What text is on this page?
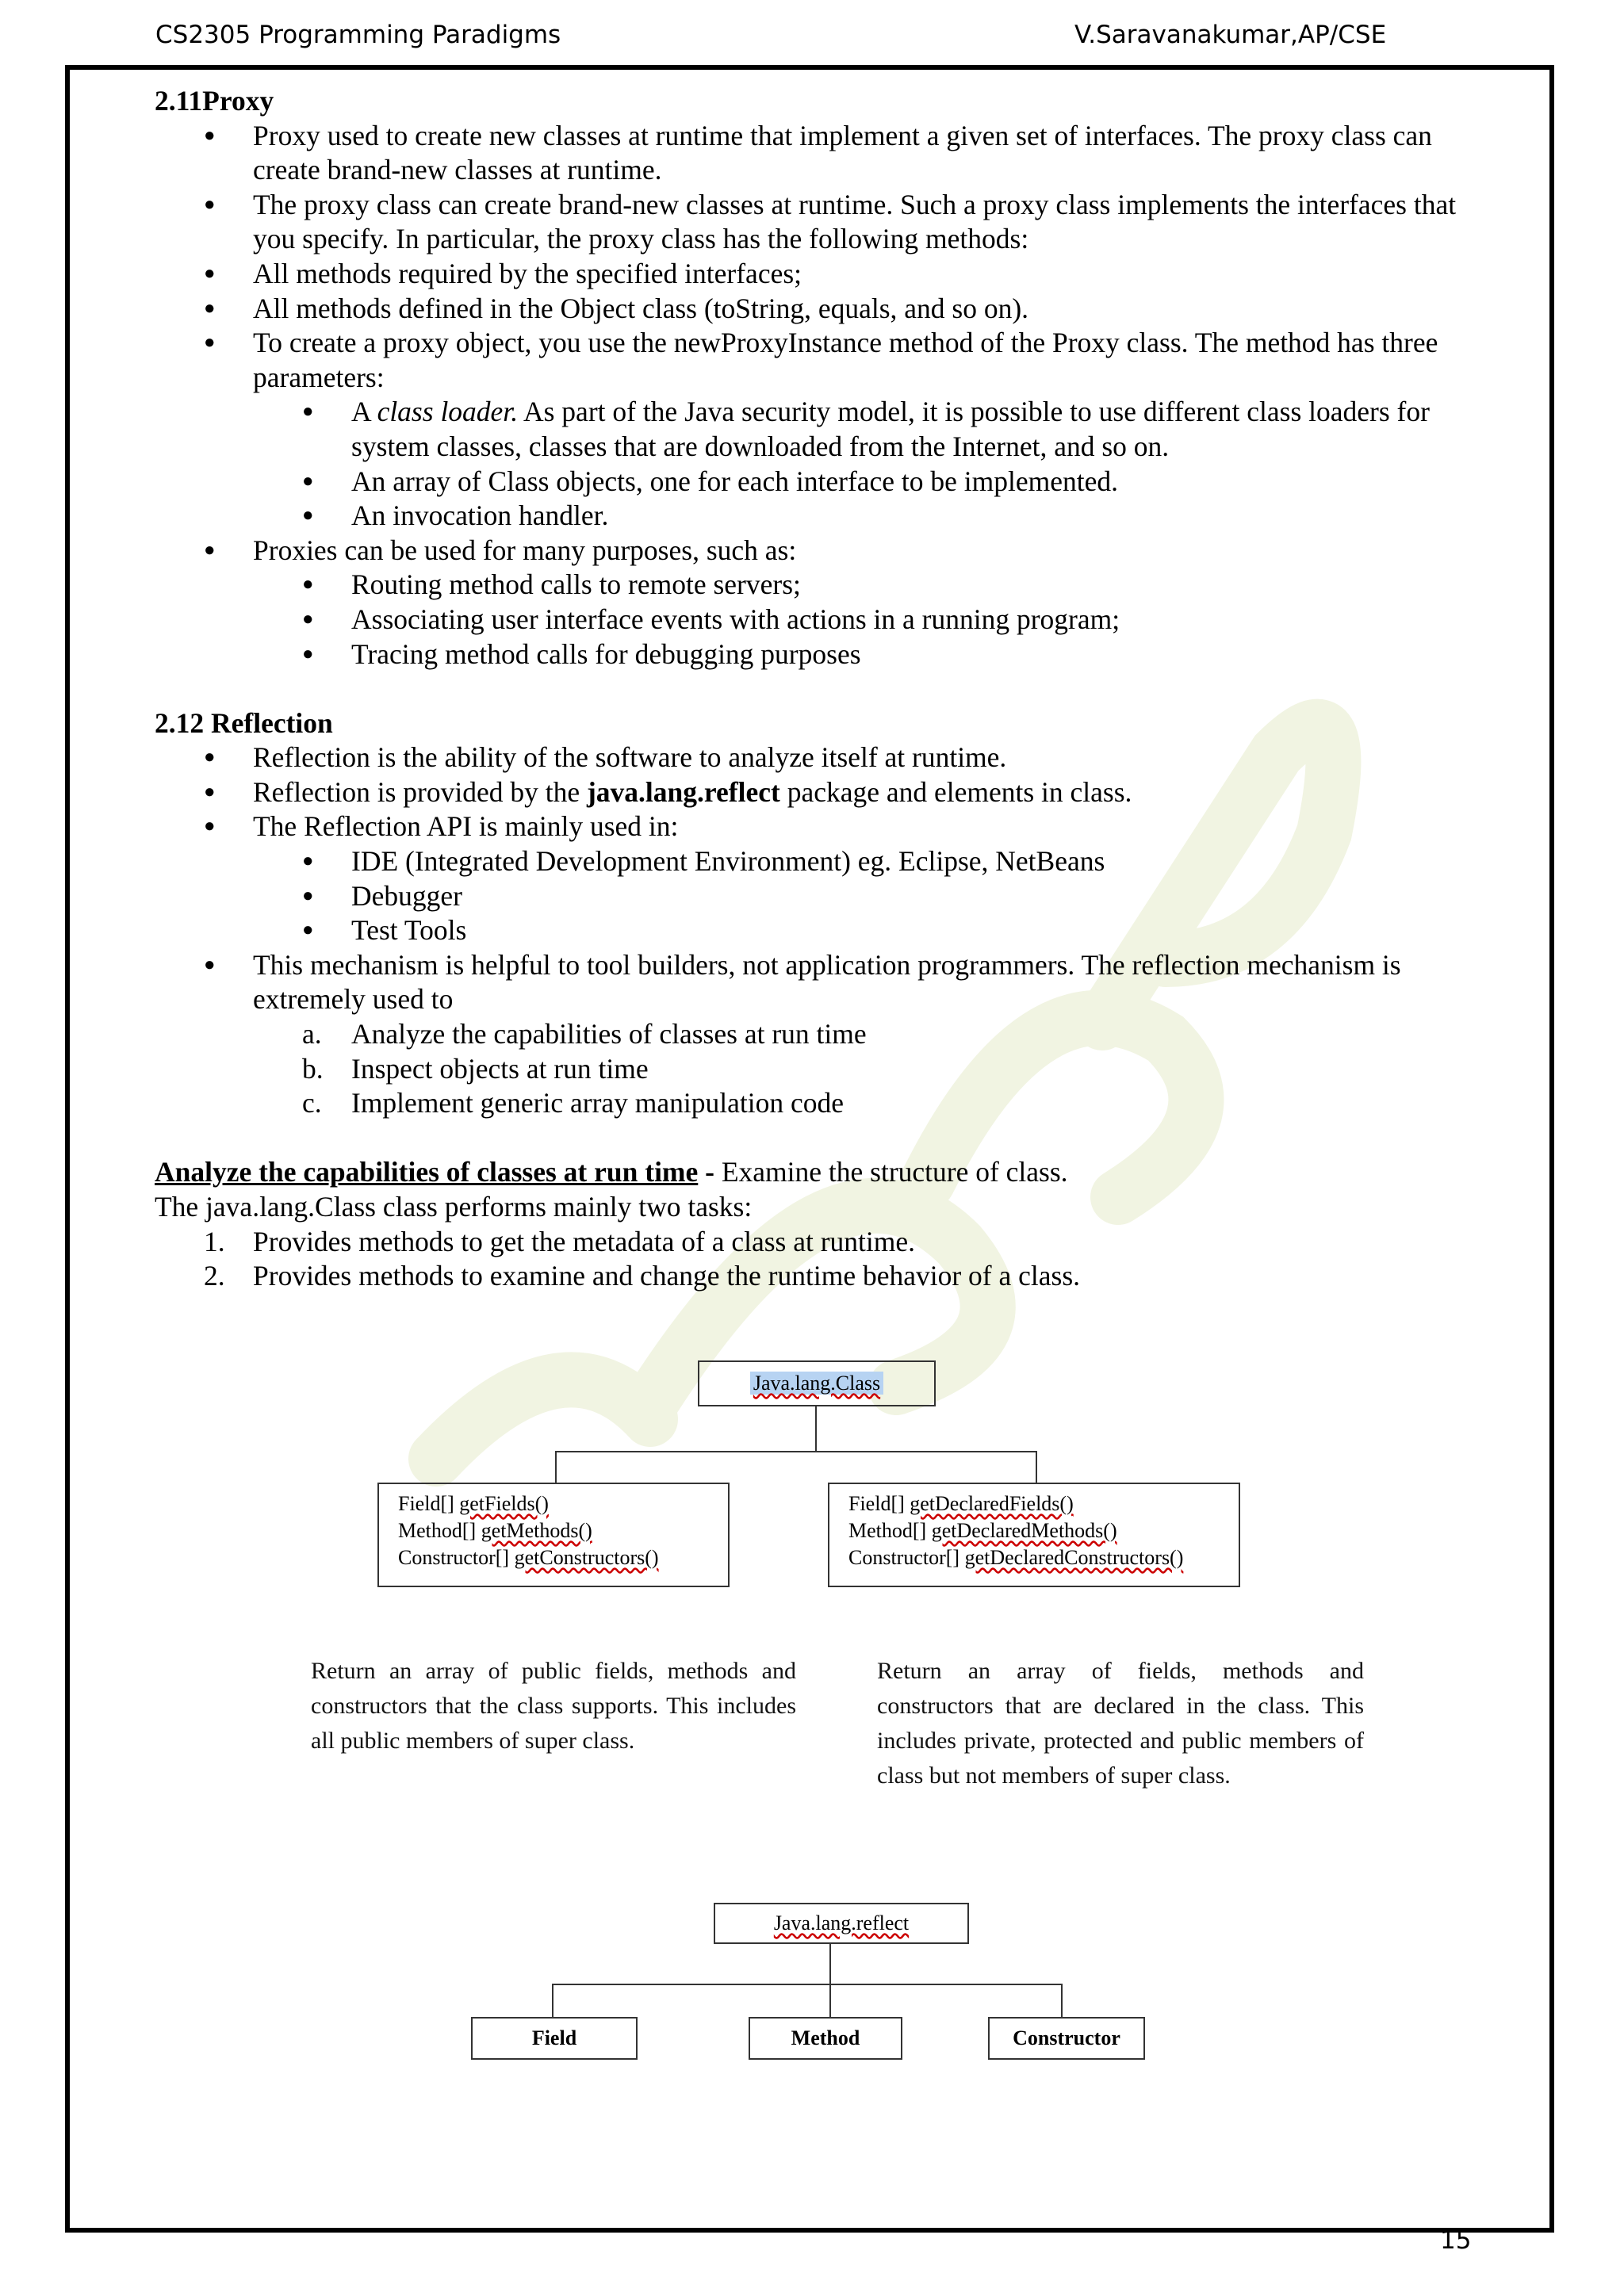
CS2305 Programming Paradigms	V.Saravanakumar,AP/CSE

2.11Proxy

● Proxy used to create new classes at runtime that implement a given set of interfaces. The proxy class can create brand-new classes at runtime.
● The proxy class can create brand-new classes at runtime. Such a proxy class implements the interfaces that you specify. In particular, the proxy class has the following methods:
● All methods required by the specified interfaces;
● All methods defined in the Object class (toString, equals, and so on).
● To create a proxy object, you use the newProxyInstance method of the Proxy class. The method has three parameters:
● A class loader. As part of the Java security model, it is possible to use different class loaders for system classes, classes that are downloaded from the Internet, and so on.
● An array of Class objects, one for each interface to be implemented.
● An invocation handler.
● Proxies can be used for many purposes, such as:
● Routing method calls to remote servers;
● Associating user interface events with actions in a running program;
● Tracing method calls for debugging purposes

2.12 Reflection

● Reflection is the ability of the software to analyze itself at runtime.
● Reflection is provided by the java.lang.reflect package and elements in class.
● The Reflection API is mainly used in:
● IDE (Integrated Development Environment) eg. Eclipse, NetBeans
● Debugger
● Test Tools
● This mechanism is helpful to tool builders, not application programmers. The reflection mechanism is extremely used to
a. Analyze the capabilities of classes at run time
b. Inspect objects at run time
c. Implement generic array manipulation code

Analyze the capabilities of classes at run time - Examine the structure of class.

The java.lang.Class class performs mainly two tasks:

1. Provides methods to get the metadata of a class at runtime.
2. Provides methods to examine and change the runtime behavior of a class.
Java.lang.Class
Field[] getFields()
Method[] getMethods()
Constructor[] getConstructors()
Field[] getDeclaredFields()
Method[] getDeclaredMethods()
Constructor[] getDeclaredConstructors()
Return an array of public fields, methods and constructors that the class supports. This includes all public members of super class.
Return an array of fields, methods and constructors that are declared in the class. This includes private, protected and public members of class but not members of super class.
Java.lang.reflect
Field	Method	Constructor
15
